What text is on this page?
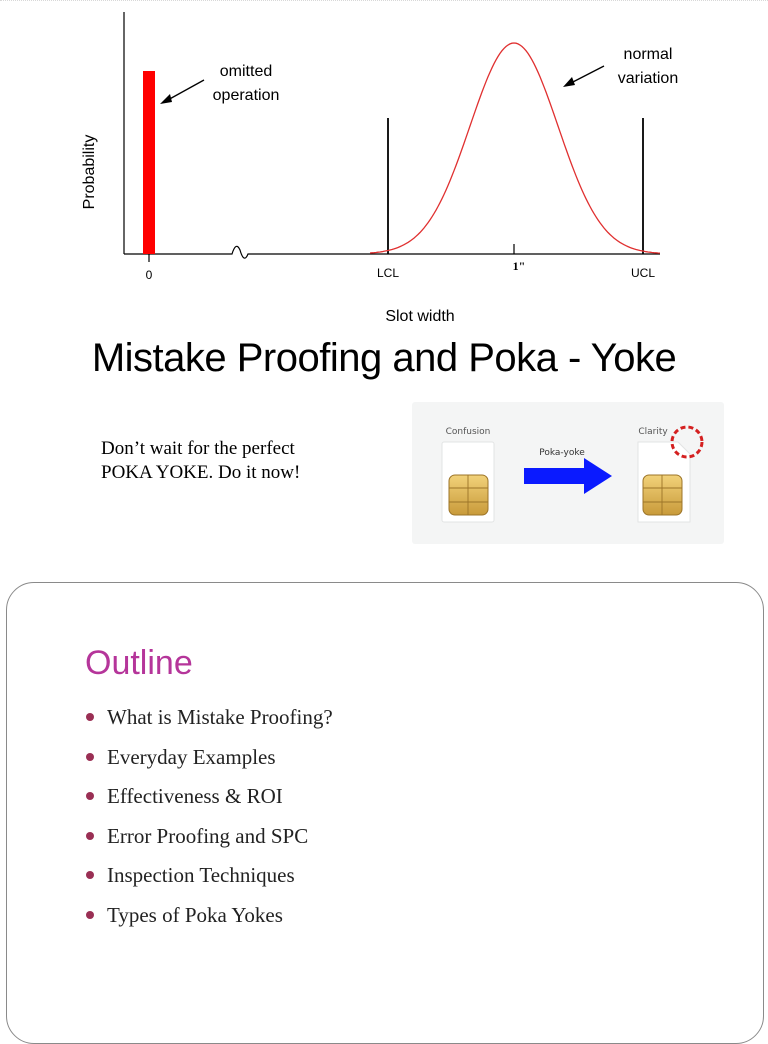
Probability
0	LCL	1"	UCL
Slot width
omitted operation
normal variation
Mistake Proofing and Poka - Yoke
Don’t wait for the perfect
POKA YOKE. Do it now!
Confusion
Poka-yoke
Clarity
Outline
What is Mistake Proofing?
Everyday Examples
Effectiveness & ROI
Error Proofing and SPC
Inspection Techniques
Types of Poka Yokes
